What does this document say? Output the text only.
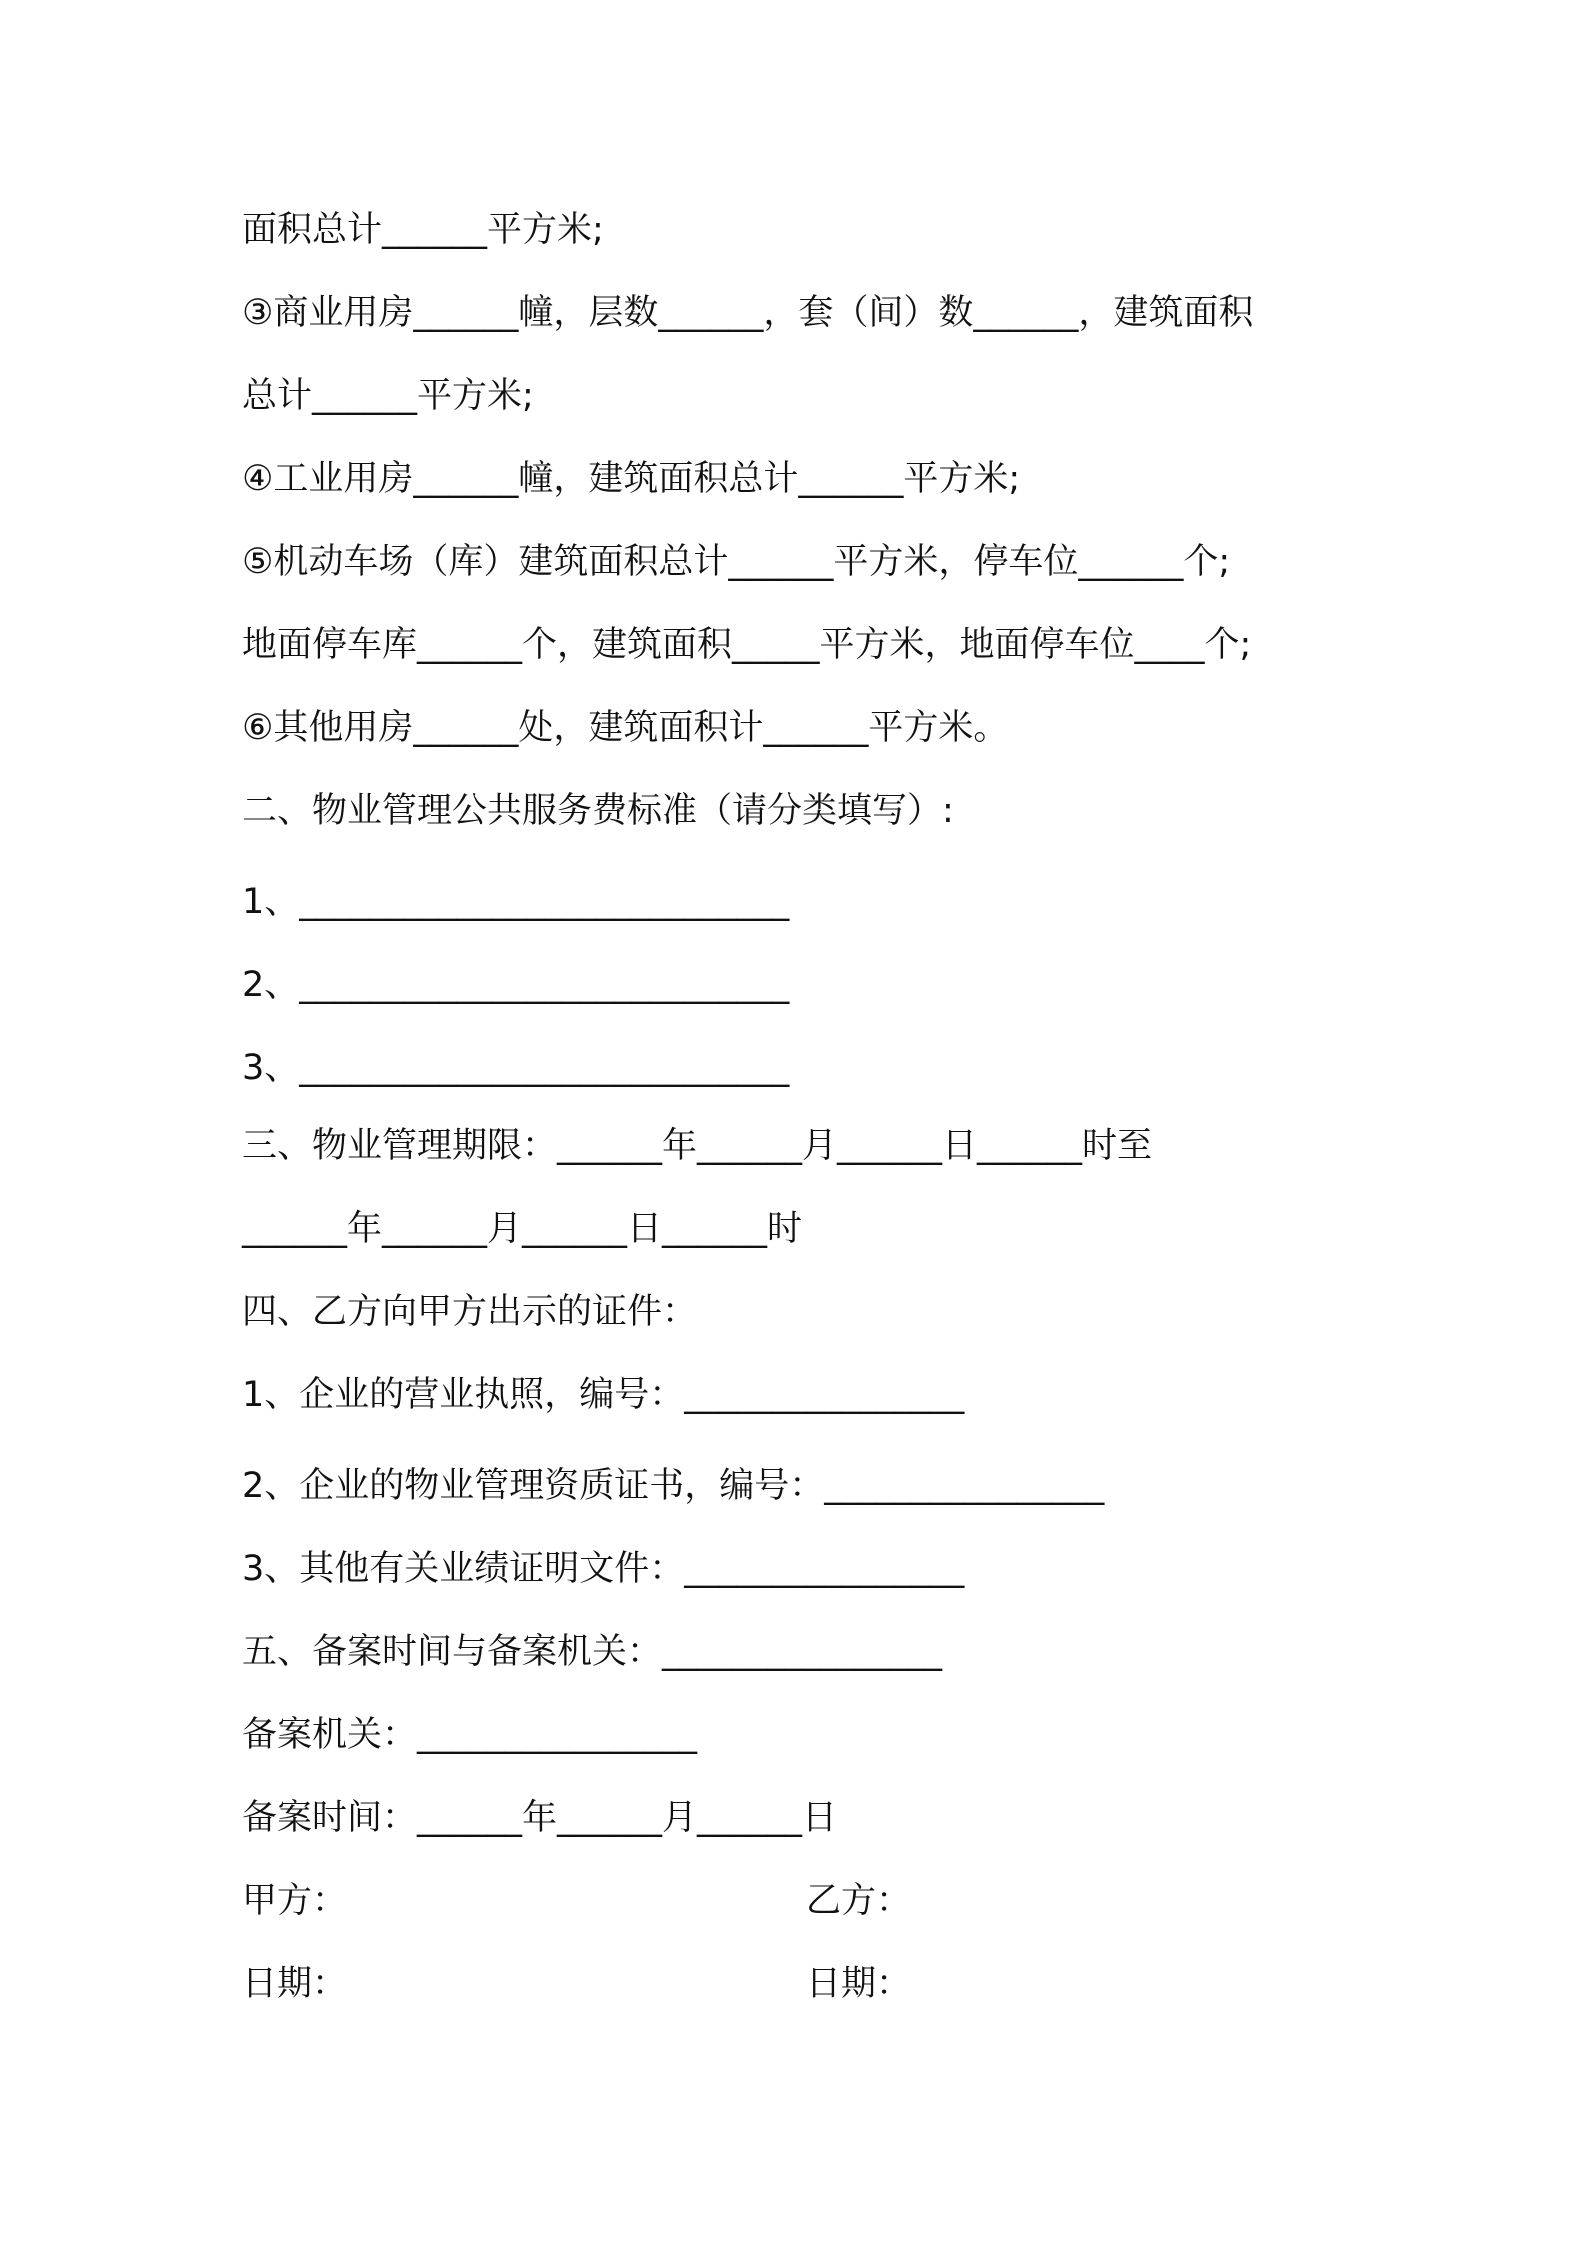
面积总计______平方米;
③商业用房______幢，层数______，套（间）数______，建筑面积
总计______平方米;
④工业用房______幢，建筑面积总计______平方米;
⑤机动车场（库）建筑面积总计______平方米，停车位______个;
地面停车库______个，建筑面积_____平方米，地面停车位____个;
⑥其他用房______处，建筑面积计______平方米。
二、物业管理公共服务费标准（请分类填写）:
1、____________________________
2、____________________________
3、____________________________
三、物业管理期限：______年______月______日______时至
______年______月______日______时
四、乙方向甲方出示的证件：
1、企业的营业执照，编号：________________
2、企业的物业管理资质证书，编号：________________
3、其他有关业绩证明文件：________________
五、备案时间与备案机关：________________
备案机关：________________
备案时间：______年______月______日
甲方：	乙方：
日期：	日期：
